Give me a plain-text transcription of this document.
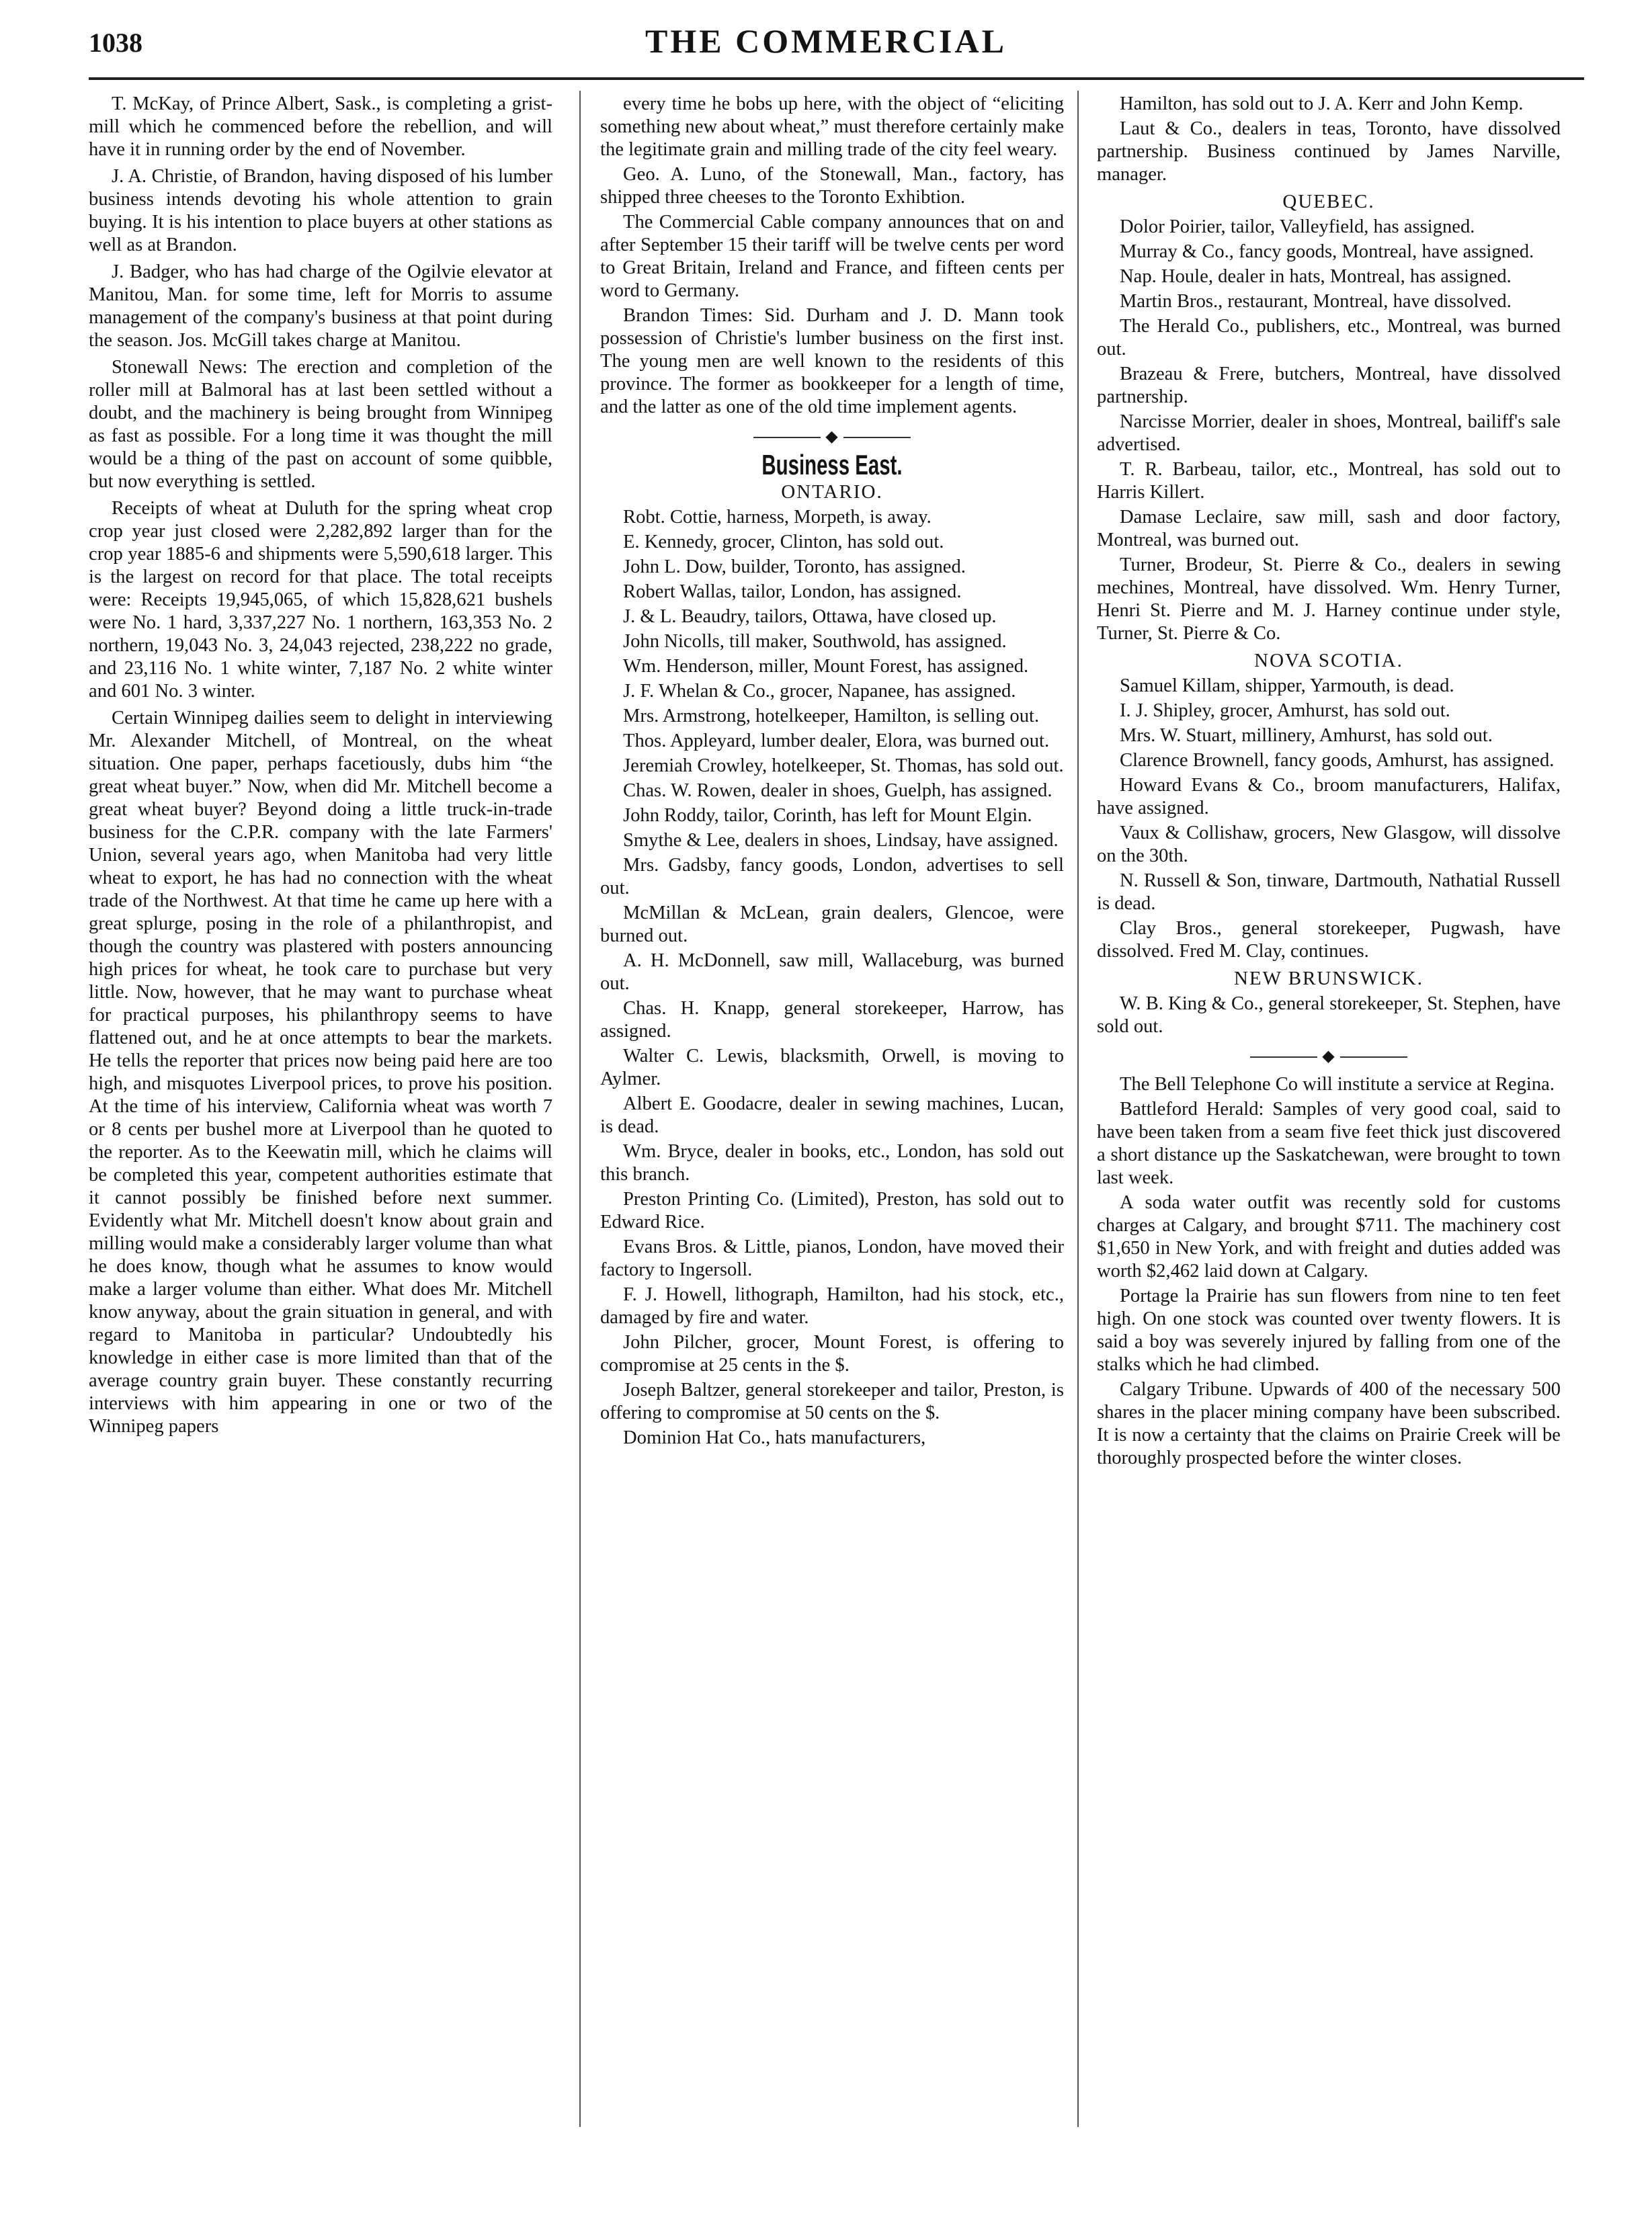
1038	THE COMMERCIAL

T. McKay, of Prince Albert, Sask., is completing a grist-mill which he commenced before the rebellion, and will have it in running order by the end of November.

J. A. Christie, of Brandon, having disposed of his lumber business intends devoting his whole attention to grain buying. It is his intention to place buyers at other stations as well as at Brandon.

J. Badger, who has had charge of the Ogilvie elevator at Manitou, Man. for some time, left for Morris to assume management of the company's business at that point during the season. Jos. McGill takes charge at Manitou.

Stonewall News: The erection and completion of the roller mill at Balmoral has at last been settled without a doubt, and the machinery is being brought from Winnipeg as fast as possible. For a long time it was thought the mill would be a thing of the past on account of some quibble, but now everything is settled.

Receipts of wheat at Duluth for the spring wheat crop crop year just closed were 2,282,892 larger than for the crop year 1885-6 and shipments were 5,590,618 larger. This is the largest on record for that place. The total receipts were: Receipts 19,945,065, of which 15,828,621 bushels were No. 1 hard, 3,337,227 No. 1 northern, 163,353 No. 2 northern, 19,043 No. 3, 24,043 rejected, 238,222 no grade, and 23,116 No. 1 white winter, 7,187 No. 2 white winter and 601 No. 3 winter.

Certain Winnipeg dailies seem to delight in interviewing Mr. Alexander Mitchell, of Montreal, on the wheat situation. One paper, perhaps facetiously, dubs him “the great wheat buyer.” Now, when did Mr. Mitchell become a great wheat buyer? Beyond doing a little truck-in-trade business for the C.P.R. company with the late Farmers' Union, several years ago, when Manitoba had very little wheat to export, he has had no connection with the wheat trade of the Northwest. At that time he came up here with a great splurge, posing in the role of a philanthropist, and though the country was plastered with posters announcing high prices for wheat, he took care to purchase but very little. Now, however, that he may want to purchase wheat for practical purposes, his philanthropy seems to have flattened out, and he at once attempts to bear the markets. He tells the reporter that prices now being paid here are too high, and misquotes Liverpool prices, to prove his position. At the time of his interview, California wheat was worth 7 or 8 cents per bushel more at Liverpool than he quoted to the reporter. As to the Keewatin mill, which he claims will be completed this year, competent authorities estimate that it cannot possibly be finished before next summer. Evidently what Mr. Mitchell doesn't know about grain and milling would make a considerably larger volume than what he does know, though what he assumes to know would make a larger volume than either. What does Mr. Mitchell know anyway, about the grain situation in general, and with regard to Manitoba in particular? Undoubtedly his knowledge in either case is more limited than that of the average country grain buyer. These constantly recurring interviews with him appearing in one or two of the Winnipeg papers

every time he bobs up here, with the object of “eliciting something new about wheat,” must therefore certainly make the legitimate grain and milling trade of the city feel weary.

Geo. A. Luno, of the Stonewall, Man., factory, has shipped three cheeses to the Toronto Exhibtion.

The Commercial Cable company announces that on and after September 15 their tariff will be twelve cents per word to Great Britain, Ireland and France, and fifteen cents per word to Germany.

Brandon Times: Sid. Durham and J. D. Mann took possession of Christie's lumber business on the first inst. The young men are well known to the residents of this province. The former as bookkeeper for a length of time, and the latter as one of the old time implement agents.

◆
Business East.
ONTARIO.

Robt. Cottie, harness, Morpeth, is away.

E. Kennedy, grocer, Clinton, has sold out.

John L. Dow, builder, Toronto, has assigned.

Robert Wallas, tailor, London, has assigned.

J. & L. Beaudry, tailors, Ottawa, have closed up.

John Nicolls, till maker, Southwold, has assigned.

Wm. Henderson, miller, Mount Forest, has assigned.

J. F. Whelan & Co., grocer, Napanee, has assigned.

Mrs. Armstrong, hotelkeeper, Hamilton, is selling out.

Thos. Appleyard, lumber dealer, Elora, was burned out.

Jeremiah Crowley, hotelkeeper, St. Thomas, has sold out.

Chas. W. Rowen, dealer in shoes, Guelph, has assigned.

John Roddy, tailor, Corinth, has left for Mount Elgin.

Smythe & Lee, dealers in shoes, Lindsay, have assigned.

Mrs. Gadsby, fancy goods, London, advertises to sell out.

McMillan & McLean, grain dealers, Glencoe, were burned out.

A. H. McDonnell, saw mill, Wallaceburg, was burned out.

Chas. H. Knapp, general storekeeper, Harrow, has assigned.

Walter C. Lewis, blacksmith, Orwell, is moving to Aylmer.

Albert E. Goodacre, dealer in sewing machines, Lucan, is dead.

Wm. Bryce, dealer in books, etc., London, has sold out this branch.

Preston Printing Co. (Limited), Preston, has sold out to Edward Rice.

Evans Bros. & Little, pianos, London, have moved their factory to Ingersoll.

F. J. Howell, lithograph, Hamilton, had his stock, etc., damaged by fire and water.

John Pilcher, grocer, Mount Forest, is offering to compromise at 25 cents in the $.

Joseph Baltzer, general storekeeper and tailor, Preston, is offering to compromise at 50 cents on the $.

Dominion Hat Co., hats manufacturers,

Hamilton, has sold out to J. A. Kerr and John Kemp.

Laut & Co., dealers in teas, Toronto, have dissolved partnership. Business continued by James Narville, manager.

QUEBEC.

Dolor Poirier, tailor, Valleyfield, has assigned.

Murray & Co., fancy goods, Montreal, have assigned.

Nap. Houle, dealer in hats, Montreal, has assigned.

Martin Bros., restaurant, Montreal, have dissolved.

The Herald Co., publishers, etc., Montreal, was burned out.

Brazeau & Frere, butchers, Montreal, have dissolved partnership.

Narcisse Morrier, dealer in shoes, Montreal, bailiff's sale advertised.

T. R. Barbeau, tailor, etc., Montreal, has sold out to Harris Killert.

Damase Leclaire, saw mill, sash and door factory, Montreal, was burned out.

Turner, Brodeur, St. Pierre & Co., dealers in sewing mechines, Montreal, have dissolved. Wm. Henry Turner, Henri St. Pierre and M. J. Harney continue under style, Turner, St. Pierre & Co.

NOVA SCOTIA.

Samuel Killam, shipper, Yarmouth, is dead.

I. J. Shipley, grocer, Amhurst, has sold out.

Mrs. W. Stuart, millinery, Amhurst, has sold out.

Clarence Brownell, fancy goods, Amhurst, has assigned.

Howard Evans & Co., broom manufacturers, Halifax, have assigned.

Vaux & Collishaw, grocers, New Glasgow, will dissolve on the 30th.

N. Russell & Son, tinware, Dartmouth, Nathatial Russell is dead.

Clay Bros., general storekeeper, Pugwash, have dissolved. Fred M. Clay, continues.

NEW BRUNSWICK.

W. B. King & Co., general storekeeper, St. Stephen, have sold out.

◆

The Bell Telephone Co will institute a service at Regina.

Battleford Herald: Samples of very good coal, said to have been taken from a seam five feet thick just discovered a short distance up the Saskatchewan, were brought to town last week.

A soda water outfit was recently sold for customs charges at Calgary, and brought $711. The machinery cost $1,650 in New York, and with freight and duties added was worth $2,462 laid down at Calgary.

Portage la Prairie has sun flowers from nine to ten feet high. On one stock was counted over twenty flowers. It is said a boy was severely injured by falling from one of the stalks which he had climbed.

Calgary Tribune. Upwards of 400 of the necessary 500 shares in the placer mining company have been subscribed. It is now a certainty that the claims on Prairie Creek will be thoroughly prospected before the winter closes.
